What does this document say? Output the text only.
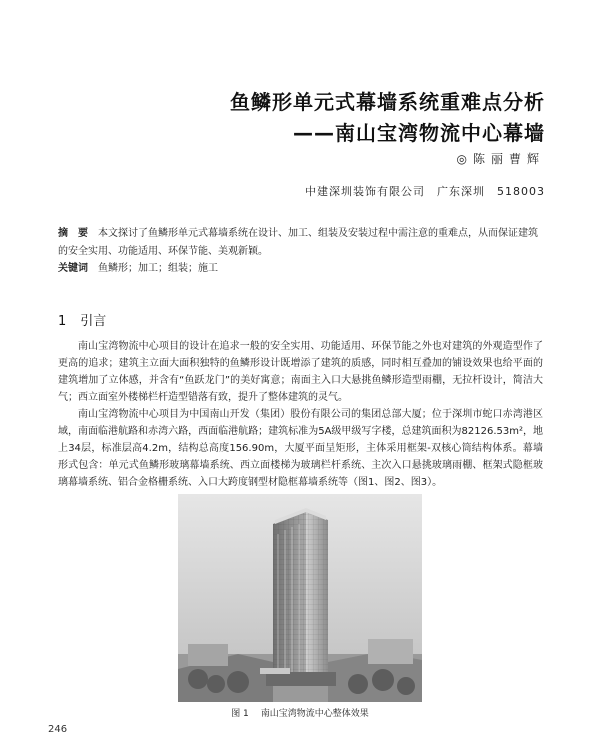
鱼鳞形单元式幕墙系统重难点分析
——南山宝湾物流中心幕墙
◎陈丽曹辉
中建深圳装饰有限公司　广东深圳　518003
摘　要 本文探讨了鱼鳞形单元式幕墙系统在设计、加工、组装及安装过程中需注意的重难点，从而保证建筑的安全实用、功能适用、环保节能、美观新颖。
关键词 鱼鳞形；加工；组装；施工
1 引言
南山宝湾物流中心项目的设计在追求一般的安全实用、功能适用、环保节能之外也对建筑的外观造型作了更高的追求；建筑主立面大面积独特的鱼鳞形设计既增添了建筑的质感，同时相互叠加的铺设效果也给平面的建筑增加了立体感，并含有“鱼跃龙门”的美好寓意；南面主入口大悬挑鱼鳞形造型雨棚，无拉杆设计，简洁大气；西立面室外楼梯栏杆造型错落有致，提升了整体建筑的灵气。
南山宝湾物流中心项目为中国南山开发（集团）股份有限公司的集团总部大厦；位于深圳市蛇口赤湾港区域，南面临港航路和赤湾六路，西面临港航路；建筑标准为5A级甲级写字楼，总建筑面积为82126.53m²，地上34层，标准层高4.2m，结构总高度156.90m，大厦平面呈矩形，主体采用框架-双核心筒结构体系。幕墙形式包含：单元式鱼鳞形玻璃幕墙系统、西立面楼梯为玻璃栏杆系统、主次入口悬挑玻璃雨棚、框架式隐框玻璃幕墙系统、铝合金格栅系统、入口大跨度钢型材隐框幕墙系统等（图1、图2、图3）。
图 1 南山宝湾物流中心整体效果
246
